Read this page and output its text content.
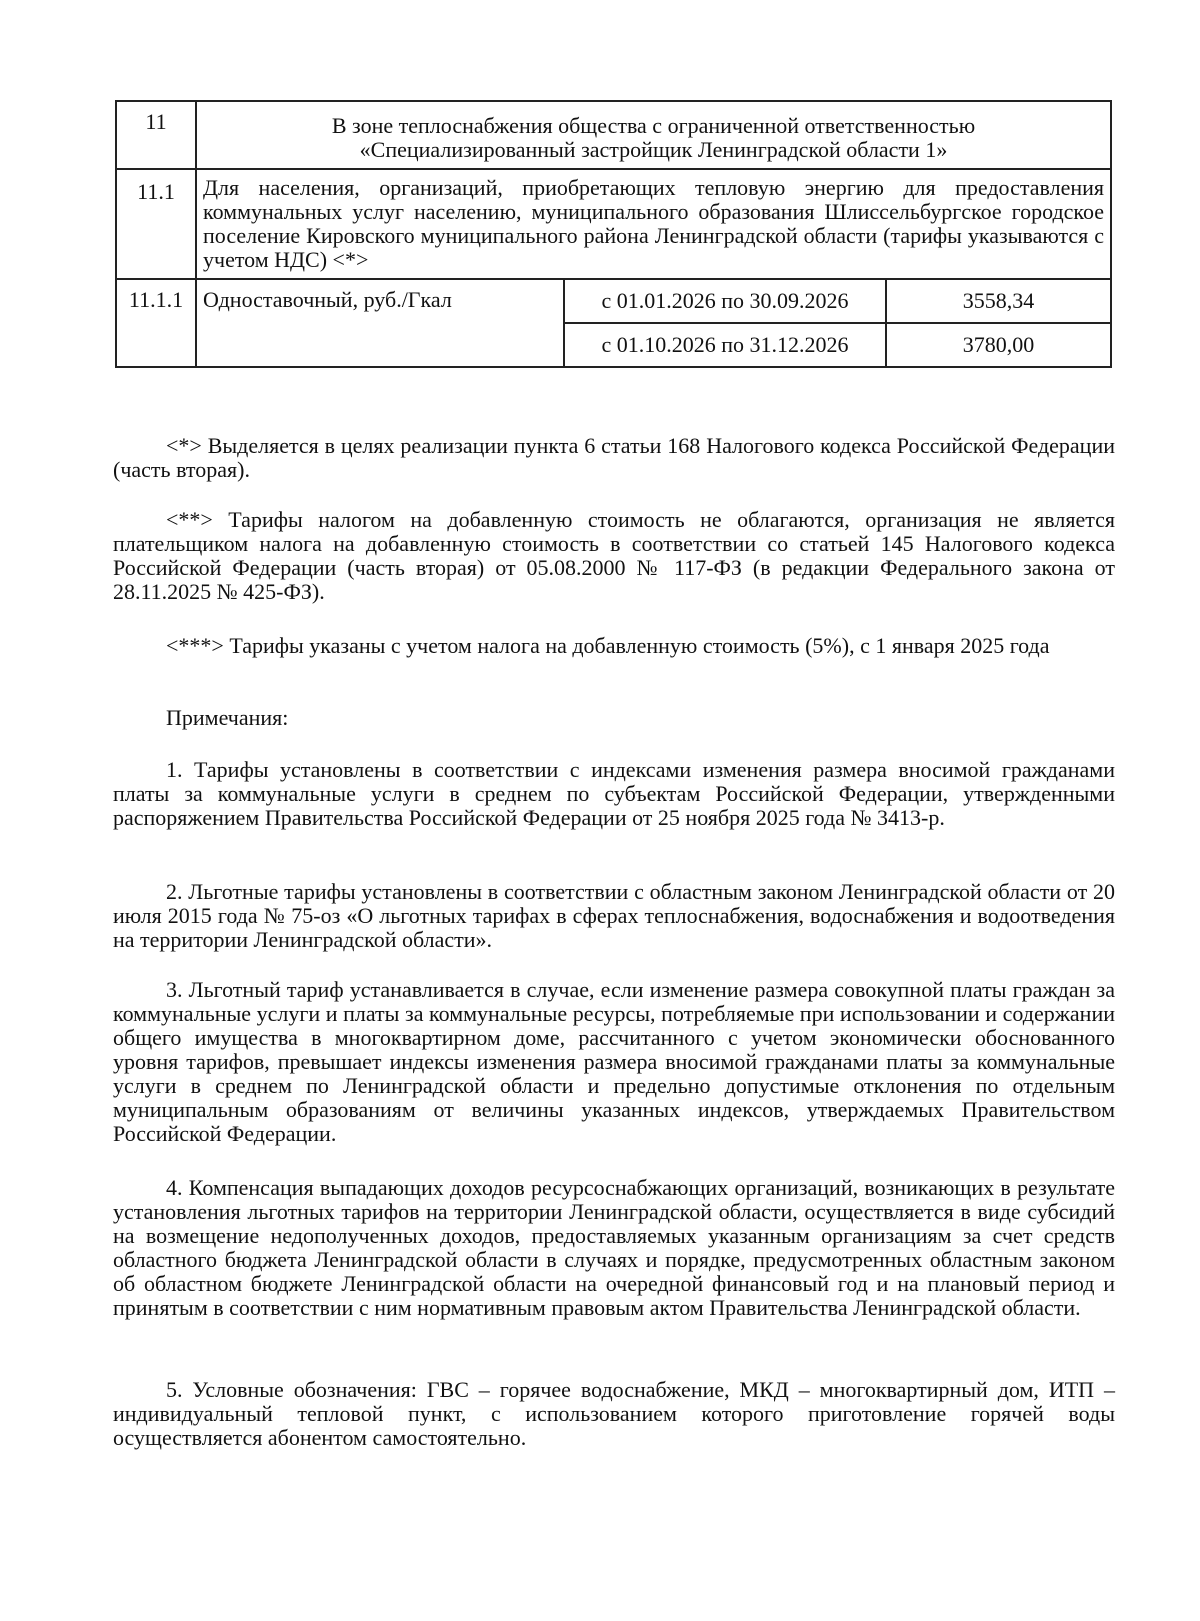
11	В зоне теплоснабжения общества с ограниченной ответственностью
«Специализированный застройщик Ленинградской области 1»		

11.1	Для населения, организаций, приобретающих тепловую энергию для предоставления коммунальных услуг населению, муниципального образования Шлиссельбургское городское поселение Кировского муниципального района Ленинградской области (тарифы указываются с учетом НДС) <*>		
11.1.1	Одноставочный, руб./Гкал	с 01.01.2026 по 30.09.2026	3558,34
		с 01.10.2026 по 31.12.2026	3780,00

<*> Выделяется в целях реализации пункта 6 статьи 168 Налогового кодекса Российской Федерации (часть вторая).

<**> Тарифы налогом на добавленную стоимость не облагаются, организация не является плательщиком налога на добавленную стоимость в соответствии со статьей 145 Налогового кодекса Российской Федерации (часть вторая) от 05.08.2000 № 117-ФЗ (в редакции Федерального закона от 28.11.2025 № 425-ФЗ).

<***> Тарифы указаны с учетом налога на добавленную стоимость (5%), с 1 января 2025 года

Примечания:

1. Тарифы установлены в соответствии с индексами изменения размера вносимой гражданами платы за коммунальные услуги в среднем по субъектам Российской Федерации, утвержденными распоряжением Правительства Российской Федерации от 25 ноября 2025 года № 3413-р.

2. Льготные тарифы установлены в соответствии с областным законом Ленинградской области от 20 июля 2015 года № 75-оз «О льготных тарифах в сферах теплоснабжения, водоснабжения и водоотведения на территории Ленинградской области».

3. Льготный тариф устанавливается в случае, если изменение размера совокупной платы граждан за коммунальные услуги и платы за коммунальные ресурсы, потребляемые при использовании и содержании общего имущества в многоквартирном доме, рассчитанного с учетом экономически обоснованного уровня тарифов, превышает индексы изменения размера вносимой гражданами платы за коммунальные услуги в среднем по Ленинградской области и предельно допустимые отклонения по отдельным муниципальным образованиям от величины указанных индексов, утверждаемых Правительством Российской Федерации.

4. Компенсация выпадающих доходов ресурсоснабжающих организаций, возникающих в результате установления льготных тарифов на территории Ленинградской области, осуществляется в виде субсидий на возмещение недополученных доходов, предоставляемых указанным организациям за счет средств областного бюджета Ленинградской области в случаях и порядке, предусмотренных областным законом об областном бюджете Ленинградской области на очередной финансовый год и на плановый период и принятым в соответствии с ним нормативным правовым актом Правительства Ленинградской области.

5. Условные обозначения: ГВС – горячее водоснабжение, МКД – многоквартирный дом, ИТП – индивидуальный тепловой пункт, с использованием которого приготовление горячей воды осуществляется абонентом самостоятельно.
